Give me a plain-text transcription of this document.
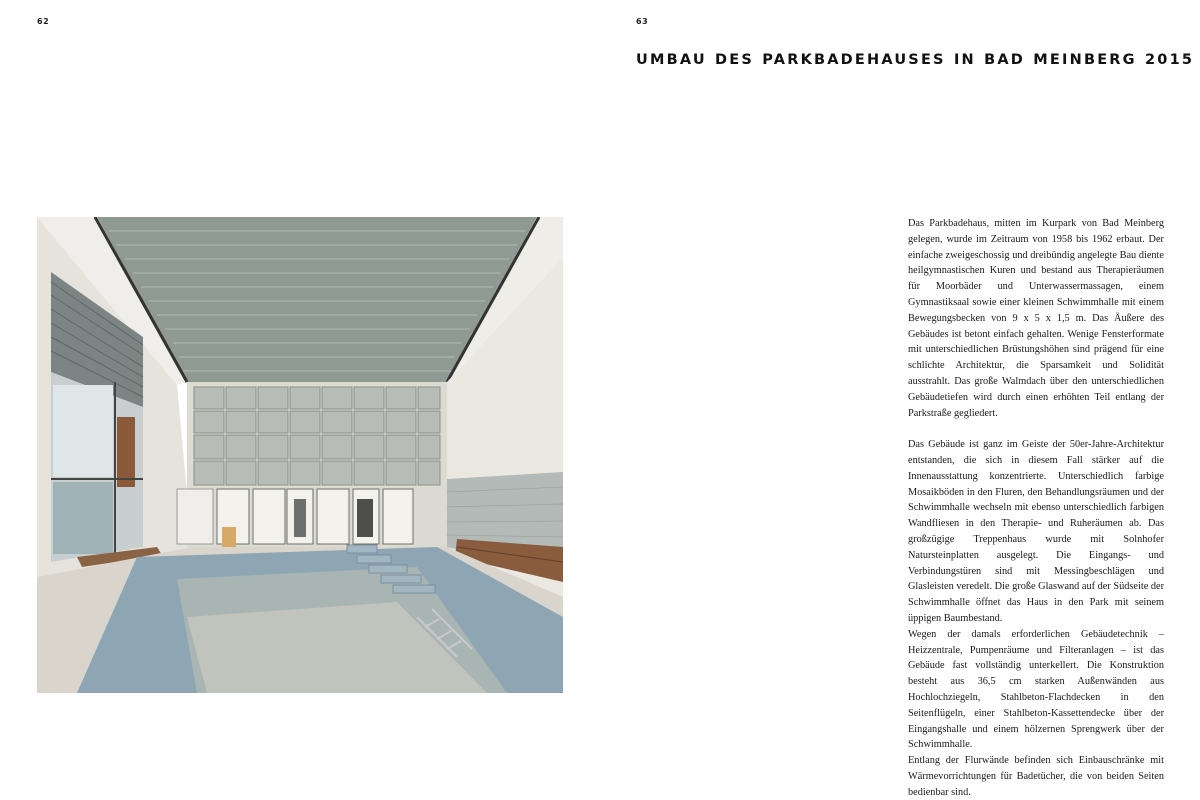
62	63
UMBAU DES PARKBADEHAUSES IN BAD MEINBERG 2015

Das Parkbadehaus, mitten im Kurpark von Bad Meinberg gelegen, wurde im Zeitraum von 1958 bis 1962 erbaut. Der einfache zweigeschossig und dreibündig angelegte Bau diente heilgymnastischen Kuren und bestand aus Therapieräumen für Moorbäder und Unterwassermassagen, einem Gymnastiksaal sowie einer kleinen Schwimmhalle mit einem Bewegungsbecken von 9 x 5 x 1,5 m. Das Äußere des Gebäudes ist betont einfach gehalten. Wenige Fensterformate mit unterschiedlichen Brüstungshöhen sind prägend für eine schlichte Architektur, die Sparsamkeit und Solidität ausstrahlt. Das große Walmdach über den unterschiedlichen Gebäudetiefen wird durch einen erhöhten Teil entlang der Parkstraße gegliedert.

Das Gebäude ist ganz im Geiste der 50er-Jahre-Architektur entstanden, die sich in diesem Fall stärker auf die Innenausstattung konzentrierte. Unterschiedlich farbige Mosaikböden in den Fluren, den Behandlungsräumen und der Schwimmhalle wechseln mit ebenso unterschiedlich farbigen Wandfliesen in den Therapie- und Ruheräumen ab. Das großzügige Treppenhaus wurde mit Solnhofer Natursteinplatten ausgelegt. Die Eingangs- und Verbindungstüren sind mit Messingbeschlägen und Glasleisten veredelt. Die große Glaswand auf der Südseite der Schwimmhalle öffnet das Haus in den Park mit seinem üppigen Baumbestand.

Wegen der damals erforderlichen Gebäudetechnik – Heizzentrale, Pumpenräume und Filteranlagen – ist das Gebäude fast vollständig unterkellert. Die Konstruktion besteht aus 36,5 cm starken Außenwänden aus Hochlochziegeln, Stahlbeton-Flachdecken in den Seitenflügeln, einer Stahlbeton-Kassettendecke über der Eingangshalle und einem hölzernen Sprengwerk über der Schwimmhalle.

Entlang der Flurwände befinden sich Einbauschränke mit Wärmevorrichtungen für Badetücher, die von beiden Seiten bedienbar sind.
